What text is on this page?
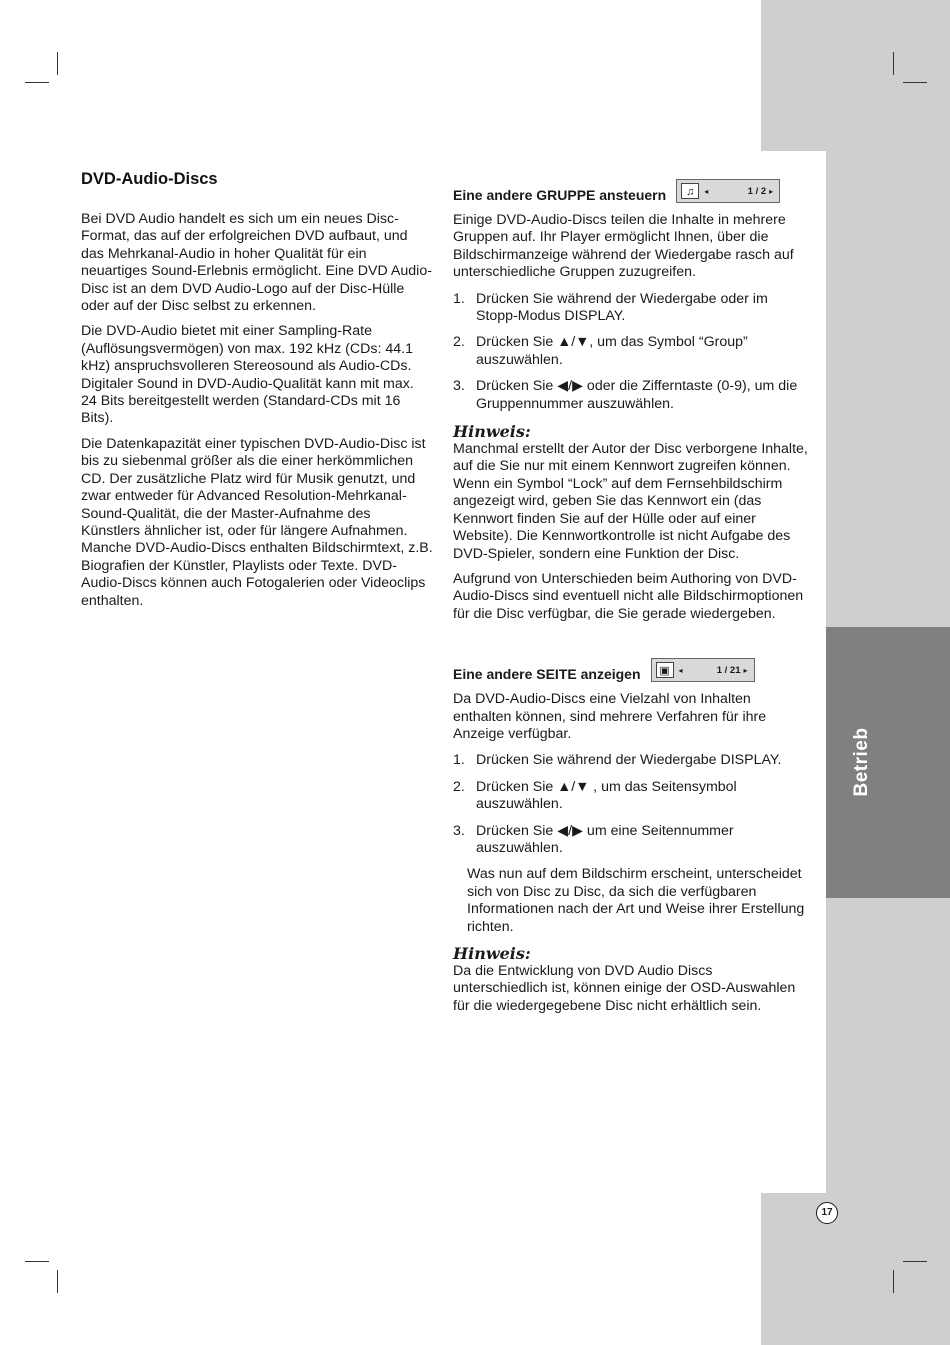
Betrieb
17
DVD-Audio-Discs

Bei DVD Audio handelt es sich um ein neues Disc-Format, das auf der erfolgreichen DVD aufbaut, und das Mehrkanal-Audio in hoher Qualität für ein neuartiges Sound-Erlebnis ermöglicht. Eine DVD Audio-Disc ist an dem DVD Audio-Logo auf der Disc-Hülle oder auf der Disc selbst zu erkennen.

Die DVD-Audio bietet mit einer Sampling-Rate (Auflösungsvermögen) von max. 192 kHz (CDs: 44.1 kHz) anspruchsvolleren Stereosound als Audio-CDs. Digitaler Sound in DVD-Audio-Qualität kann mit max. 24 Bits bereitgestellt werden (Standard-CDs mit 16 Bits).

Die Datenkapazität einer typischen DVD-Audio-Disc ist bis zu siebenmal größer als die einer herkömmlichen CD. Der zusätzliche Platz wird für Musik genutzt, und zwar entweder für Advanced Resolution-Mehrkanal-Sound-Qualität, die der Master-Aufnahme des Künstlers ähnlicher ist, oder für längere Aufnahmen. Manche DVD-Audio-Discs enthalten Bildschirmtext, z.B. Biografien der Künstler, Playlists oder Texte. DVD-Audio-Discs können auch Fotogalerien oder Videoclips enthalten.

Eine andere GRUPPE ansteuern	♫	◂	1 / 2 ▸

Einige DVD-Audio-Discs teilen die Inhalte in mehrere Gruppen auf. Ihr Player ermöglicht Ihnen, über die Bildschirmanzeige während der Wiedergabe rasch auf unterschiedliche Gruppen zuzugreifen.

1. Drücken Sie während der Wiedergabe oder im Stopp-Modus DISPLAY.
2. Drücken Sie ▲/▼, um das Symbol “Group” auszuwählen.
3. Drücken Sie ◀/▶ oder die Zifferntaste (0-9), um die Gruppennummer auszuwählen.
Hinweis:

Manchmal erstellt der Autor der Disc verborgene Inhalte, auf die Sie nur mit einem Kennwort zugreifen können. Wenn ein Symbol “Lock” auf dem Fernsehbildschirm angezeigt wird, geben Sie das Kennwort ein (das Kennwort finden Sie auf der Hülle oder auf einer Website). Die Kennwortkontrolle ist nicht Aufgabe des DVD-Spieler, sondern eine Funktion der Disc.

Aufgrund von Unterschieden beim Authoring von DVD-Audio-Discs sind eventuell nicht alle Bildschirmoptionen für die Disc verfügbar, die Sie gerade wiedergeben.

Eine andere SEITE anzeigen	▣	◂	1 / 21 ▸

Da DVD-Audio-Discs eine Vielzahl von Inhalten enthalten können, sind mehrere Verfahren für ihre Anzeige verfügbar.

1. Drücken Sie während der Wiedergabe DISPLAY.
2. Drücken Sie ▲/▼ , um das Seitensymbol auszuwählen.
3. Drücken Sie ◀/▶ um eine Seitennummer auszuwählen.

Was nun auf dem Bildschirm erscheint, unterscheidet sich von Disc zu Disc, da sich die verfügbaren Informationen nach der Art und Weise ihrer Erstellung richten.

Hinweis:

Da die Entwicklung von DVD Audio Discs unterschiedlich ist, können einige der OSD-Auswahlen für die wiedergegebene Disc nicht erhältlich sein.
